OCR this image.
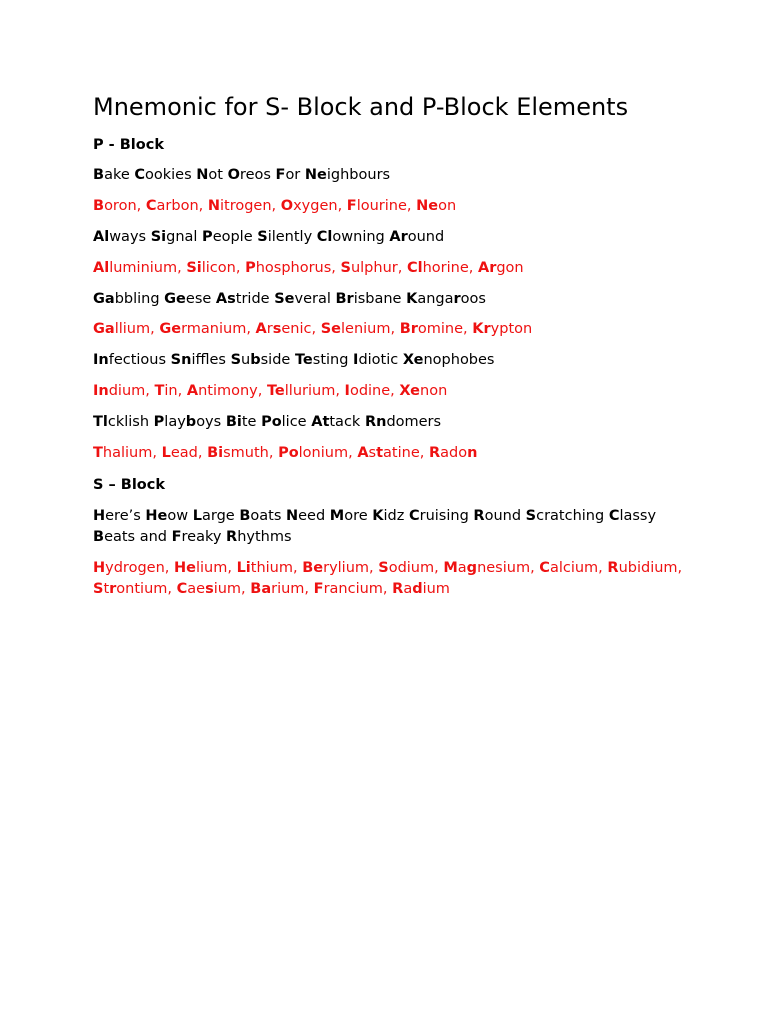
Mnemonic for S- Block and P-Block Elements
P - Block
Bake Cookies Not Oreos For Neighbours
Boron, Carbon, Nitrogen, Oxygen, Flourine, Neon
Always Signal People Silently Clowning Around
Alluminium, Silicon, Phosphorus, Sulphur, Clhorine, Argon
Gabbling Geese Astride Several Brisbane Kangaroos
Gallium, Germanium, Arsenic, Selenium, Bromine, Krypton
Infectious Sniffles Subside Testing Idiotic Xenophobes
Indium, Tin, Antimony, Tellurium, Iodine, Xenon
Tlcklish Playboys Bite Police Attack Rndomers
Thalium, Lead, Bismuth, Polonium, Astatine, Radon
S – Block
Here’s Heow Large Boats Need More Kidz Cruising Round Scratching Classy Beats and Freaky Rhythms
Hydrogen, Helium, Lithium, Berylium, Sodium, Magnesium, Calcium, Rubidium, Strontium, Caesium, Barium, Francium, Radium
